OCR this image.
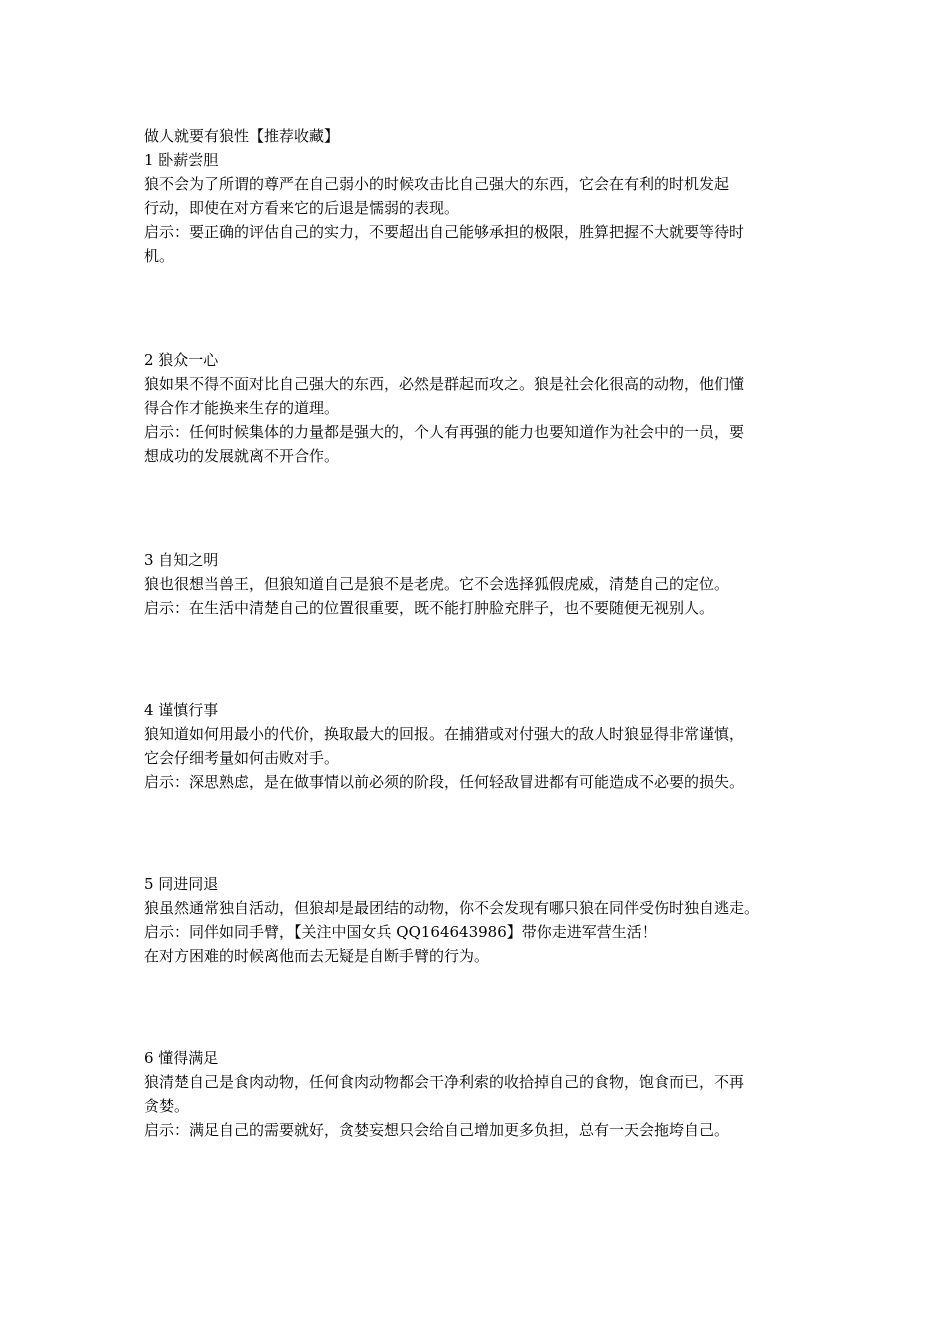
做人就要有狼性【推荐收藏】
1 卧薪尝胆
狼不会为了所谓的尊严在自己弱小的时候攻击比自己强大的东西，它会在有利的时机发起
行动，即使在对方看来它的后退是懦弱的表现。
启示：要正确的评估自己的实力，不要超出自己能够承担的极限，胜算把握不大就要等待时
机。
2 狼众一心
狼如果不得不面对比自己强大的东西，必然是群起而攻之。狼是社会化很高的动物，他们懂
得合作才能换来生存的道理。
启示：任何时候集体的力量都是强大的，个人有再强的能力也要知道作为社会中的一员，要
想成功的发展就离不开合作。
3 自知之明
狼也很想当兽王，但狼知道自己是狼不是老虎。它不会选择狐假虎威，清楚自己的定位。
启示：在生活中清楚自己的位置很重要，既不能打肿脸充胖子，也不要随便无视别人。
4 谨慎行事
狼知道如何用最小的代价，换取最大的回报。在捕猎或对付强大的敌人时狼显得非常谨慎，
它会仔细考量如何击败对手。
启示：深思熟虑，是在做事情以前必须的阶段，任何轻敌冒进都有可能造成不必要的损失。
5 同进同退
狼虽然通常独自活动，但狼却是最团结的动物，你不会发现有哪只狼在同伴受伤时独自逃走。
启示：同伴如同手臂，【关注中国女兵 QQ164643986】带你走进军营生活！
在对方困难的时候离他而去无疑是自断手臂的行为。
6 懂得满足
狼清楚自己是食肉动物，任何食肉动物都会干净利索的收拾掉自己的食物，饱食而已，不再
贪婪。
启示：满足自己的需要就好，贪婪妄想只会给自己增加更多负担，总有一天会拖垮自己。
